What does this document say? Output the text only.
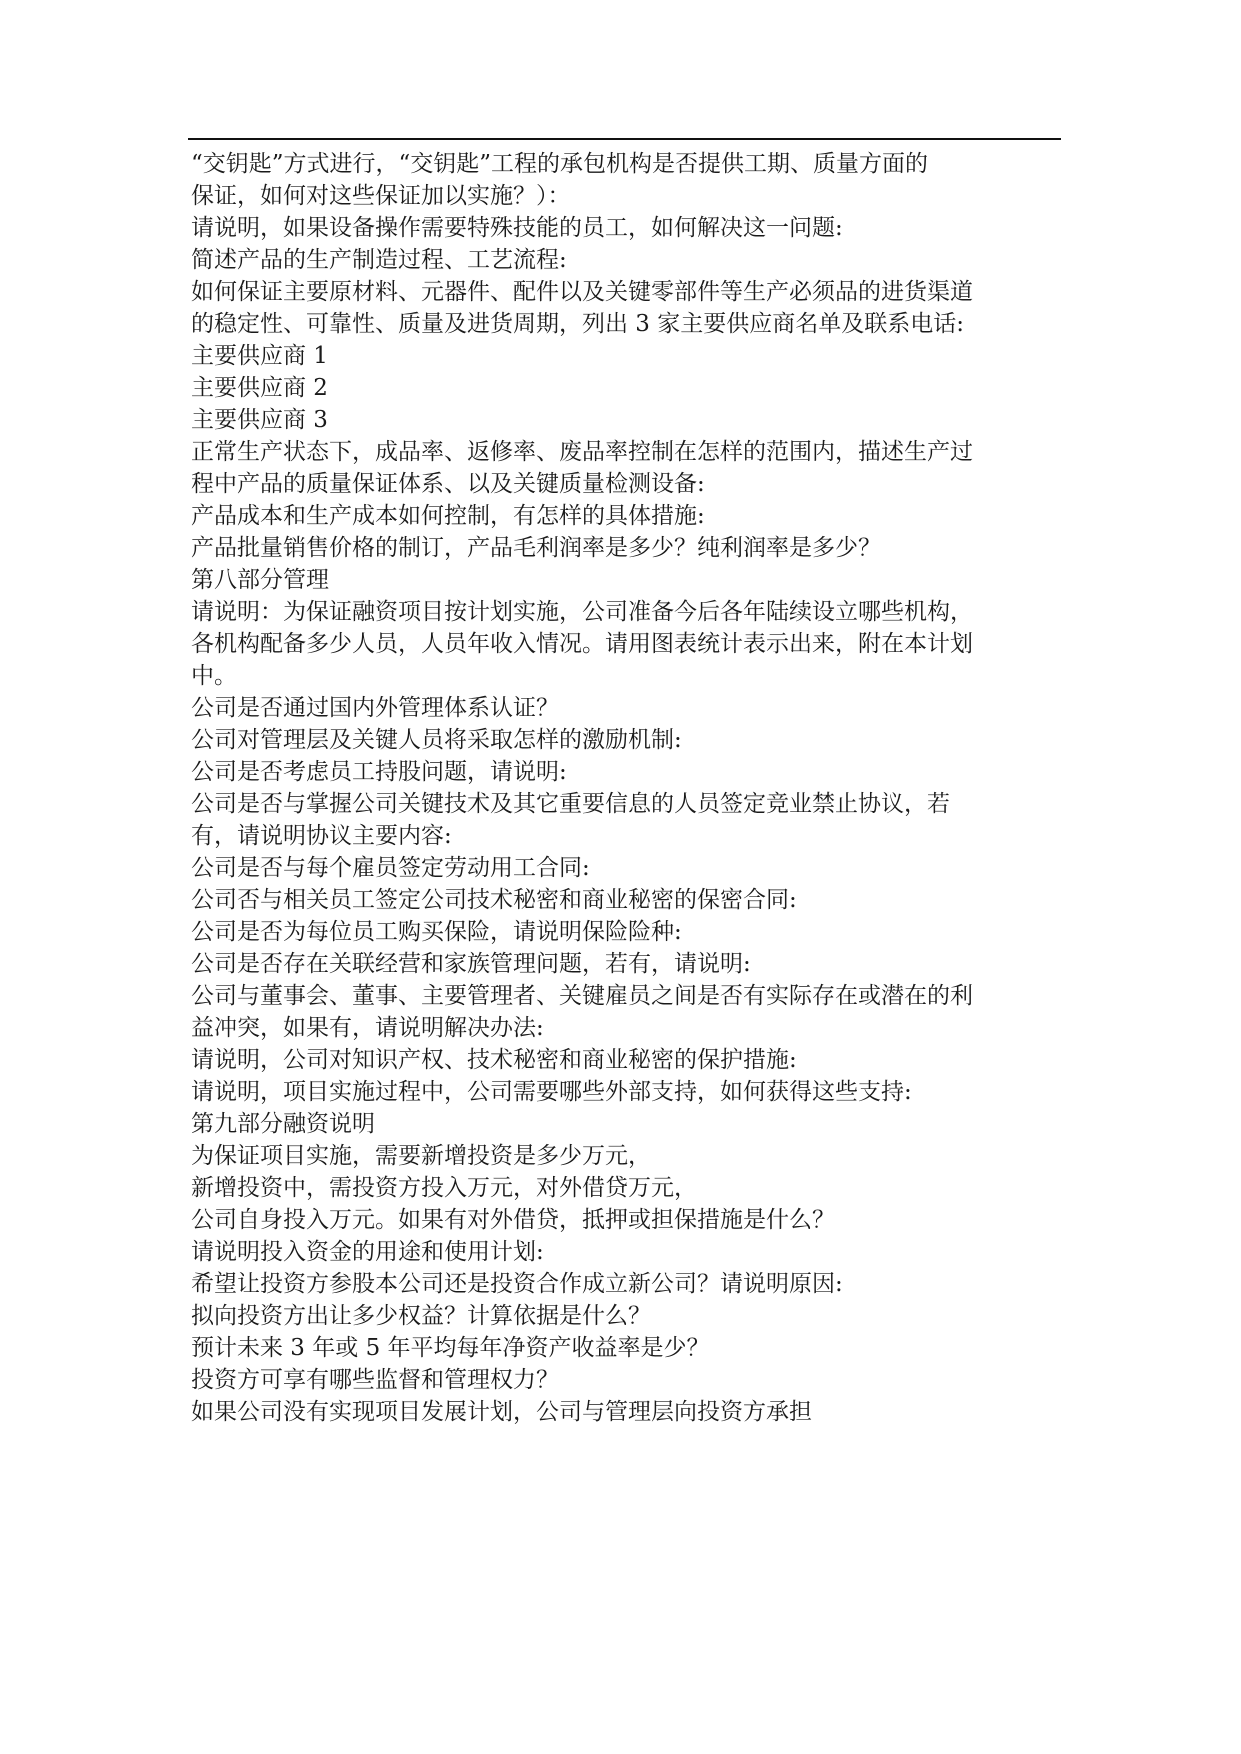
“交钥匙”方式进行，“交钥匙”工程的承包机构是否提供工期、质量方面的
保证，如何对这些保证加以实施？）：
请说明，如果设备操作需要特殊技能的员工，如何解决这一问题:
简述产品的生产制造过程、工艺流程:
如何保证主要原材料、元器件、配件以及关键零部件等生产必须品的进货渠道
的稳定性、可靠性、质量及进货周期，列出 3 家主要供应商名单及联系电话:
主要供应商 1
主要供应商 2
主要供应商 3
正常生产状态下，成品率、返修率、废品率控制在怎样的范围内，描述生产过
程中产品的质量保证体系、以及关键质量检测设备:
产品成本和生产成本如何控制，有怎样的具体措施:
产品批量销售价格的制订，产品毛利润率是多少？纯利润率是多少？
第八部分管理
请说明：为保证融资项目按计划实施，公司准备今后各年陆续设立哪些机构，
各机构配备多少人员，人员年收入情况。请用图表统计表示出来，附在本计划
中。
公司是否通过国内外管理体系认证？
公司对管理层及关键人员将采取怎样的激励机制:
公司是否考虑员工持股问题，请说明:
公司是否与掌握公司关键技术及其它重要信息的人员签定竞业禁止协议，若
有，请说明协议主要内容:
公司是否与每个雇员签定劳动用工合同:
公司否与相关员工签定公司技术秘密和商业秘密的保密合同:
公司是否为每位员工购买保险，请说明保险险种:
公司是否存在关联经营和家族管理问题，若有，请说明:
公司与董事会、董事、主要管理者、关键雇员之间是否有实际存在或潜在的利
益冲突，如果有，请说明解决办法:
请说明，公司对知识产权、技术秘密和商业秘密的保护措施:
请说明，项目实施过程中，公司需要哪些外部支持，如何获得这些支持:
第九部分融资说明
为保证项目实施，需要新增投资是多少万元，
新增投资中，需投资方投入万元，对外借贷万元，
公司自身投入万元。如果有对外借贷，抵押或担保措施是什么？
请说明投入资金的用途和使用计划:
希望让投资方参股本公司还是投资合作成立新公司？请说明原因:
拟向投资方出让多少权益？计算依据是什么？
预计未来 3 年或 5 年平均每年净资产收益率是少？
投资方可享有哪些监督和管理权力？
如果公司没有实现项目发展计划，公司与管理层向投资方承担
